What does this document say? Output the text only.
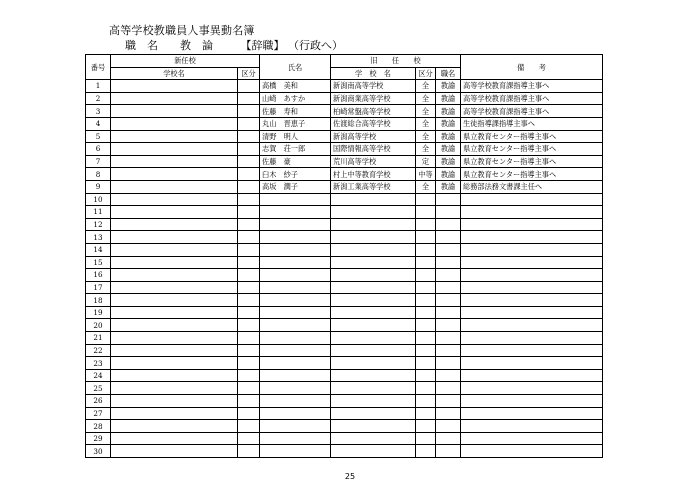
高等学校教職員人事異動名簿
職　名　　教　論　　　	【辞職】 （行政へ）
番号	新任校		氏名	旧　　任　　校			備　　考
	学校名	区分		学　校　名	区分	職名	
1			高橋　美和	新潟南高等学校	全	教諭	高等学校教育課指導主事へ
2			山崎　あすか	新潟商業高等学校	全	教諭	高等学校教育課指導主事へ
3			佐藤　寿和	柏崎常盤高等学校	全	教諭	高等学校教育課指導主事へ
4			丸山　晋恵子	佐渡総合高等学校	全	教諭	生徒指導課指導主事へ
5			清野　明人	新潟高等学校	全	教諭	県立教育センター指導主事へ
6			志賀　荘一郎	国際情報高等学校	全	教諭	県立教育センター指導主事へ
7			佐藤　豪	荒川高等学校	定	教諭	県立教育センター指導主事へ
8			臼木　紗子	村上中等教育学校	中等	教諭	県立教育センター指導主事へ
9			高坂　潤子	新潟工業高等学校	全	教諭	総務部法務文書課主任へ
10							
11							
12							
13							
14							
15							
16							
17							
18							
19							
20							
21							
22							
23							
24							
25							
26							
27							
28							
29							
30							
25
